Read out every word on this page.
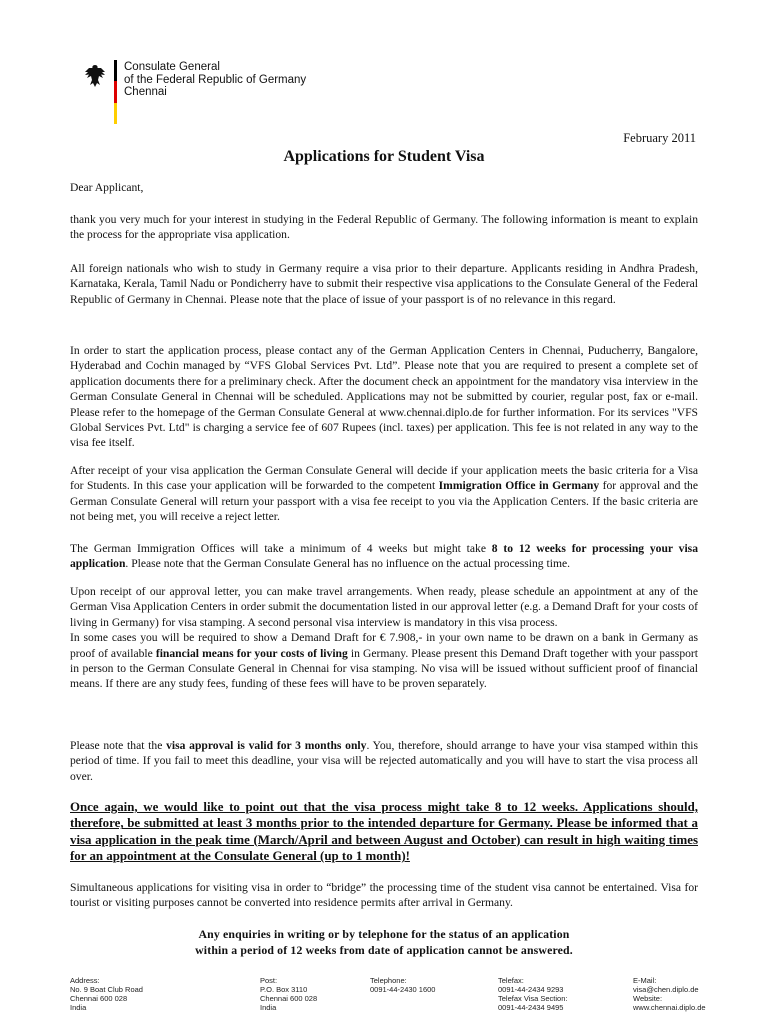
Consulate General
of the Federal Republic of Germany
Chennai
February 2011
Applications for Student Visa
Dear Applicant,

thank you very much for your interest in studying in the Federal Republic of Germany. The following information is meant to explain the process for the appropriate visa application.

All foreign nationals who wish to study in Germany require a visa prior to their departure. Applicants residing in Andhra Pradesh, Karnataka, Kerala, Tamil Nadu or Pondicherry have to submit their respective visa applications to the Consulate General of the Federal Republic of Germany in Chennai. Please note that the place of issue of your passport is of no relevance in this regard.

In order to start the application process, please contact any of the German Application Centers in Chennai, Puducherry, Bangalore, Hyderabad and Cochin managed by “VFS Global Services Pvt. Ltd”. Please note that you are required to present a complete set of application documents there for a preliminary check. After the document check an appointment for the mandatory visa interview in the German Consulate General in Chennai will be scheduled. Applications may not be submitted by courier, regular post, fax or e-mail. Please refer to the homepage of the German Consulate General at www.chennai.diplo.de for further information. For its services "VFS Global Services Pvt. Ltd" is charging a service fee of 607 Rupees (incl. taxes) per application. This fee is not related in any way to the visa fee itself.

After receipt of your visa application the German Consulate General will decide if your application meets the basic criteria for a Visa for Students. In this case your application will be forwarded to the competent Immigration Office in Germany for approval and the German Consulate General will return your passport with a visa fee receipt to you via the Application Centers. If the basic criteria are not being met, you will receive a reject letter.

The German Immigration Offices will take a minimum of 4 weeks but might take 8 to 12 weeks for processing your visa application. Please note that the German Consulate General has no influence on the actual processing time.

Upon receipt of our approval letter, you can make travel arrangements. When ready, please schedule an appointment at any of the German Visa Application Centers in order submit the documentation listed in our approval letter (e.g. a Demand Draft for your costs of living in Germany) for visa stamping. A second personal visa interview is mandatory in this visa process.

In some cases you will be required to show a Demand Draft for € 7.908,- in your own name to be drawn on a bank in Germany as proof of available financial means for your costs of living in Germany. Please present this Demand Draft together with your passport in person to the German Consulate General in Chennai for visa stamping. No visa will be issued without sufficient proof of financial means. If there are any study fees, funding of these fees will have to be proven separately.

Please note that the visa approval is valid for 3 months only. You, therefore, should arrange to have your visa stamped within this period of time. If you fail to meet this deadline, your visa will be rejected automatically and you will have to start the visa process all over.

Once again, we would like to point out that the visa process might take 8 to 12 weeks. Applications should, therefore, be submitted at least 3 months prior to the intended departure for Germany. Please be informed that a visa application in the peak time (March/April and between August and October) can result in high waiting times for an appointment at the Consulate General (up to 1 month)!

Simultaneous applications for visiting visa in order to “bridge” the processing time of the student visa cannot be entertained. Visa for tourist or visiting purposes cannot be converted into residence permits after arrival in Germany.

Any enquiries in writing or by telephone for the status of an application
within a period of 12 weeks from date of application cannot be answered.
Address:
No. 9 Boat Club Road
Chennai 600 028
India
Post:
P.O. Box 3110
Chennai 600 028
India
Telephone:
0091-44-2430 1600
Telefax:
0091-44-2434 9293
Telefax Visa Section:
0091-44-2434 9495
E-Mail:
visa@chen.diplo.de
Website:
www.chennai.diplo.de
